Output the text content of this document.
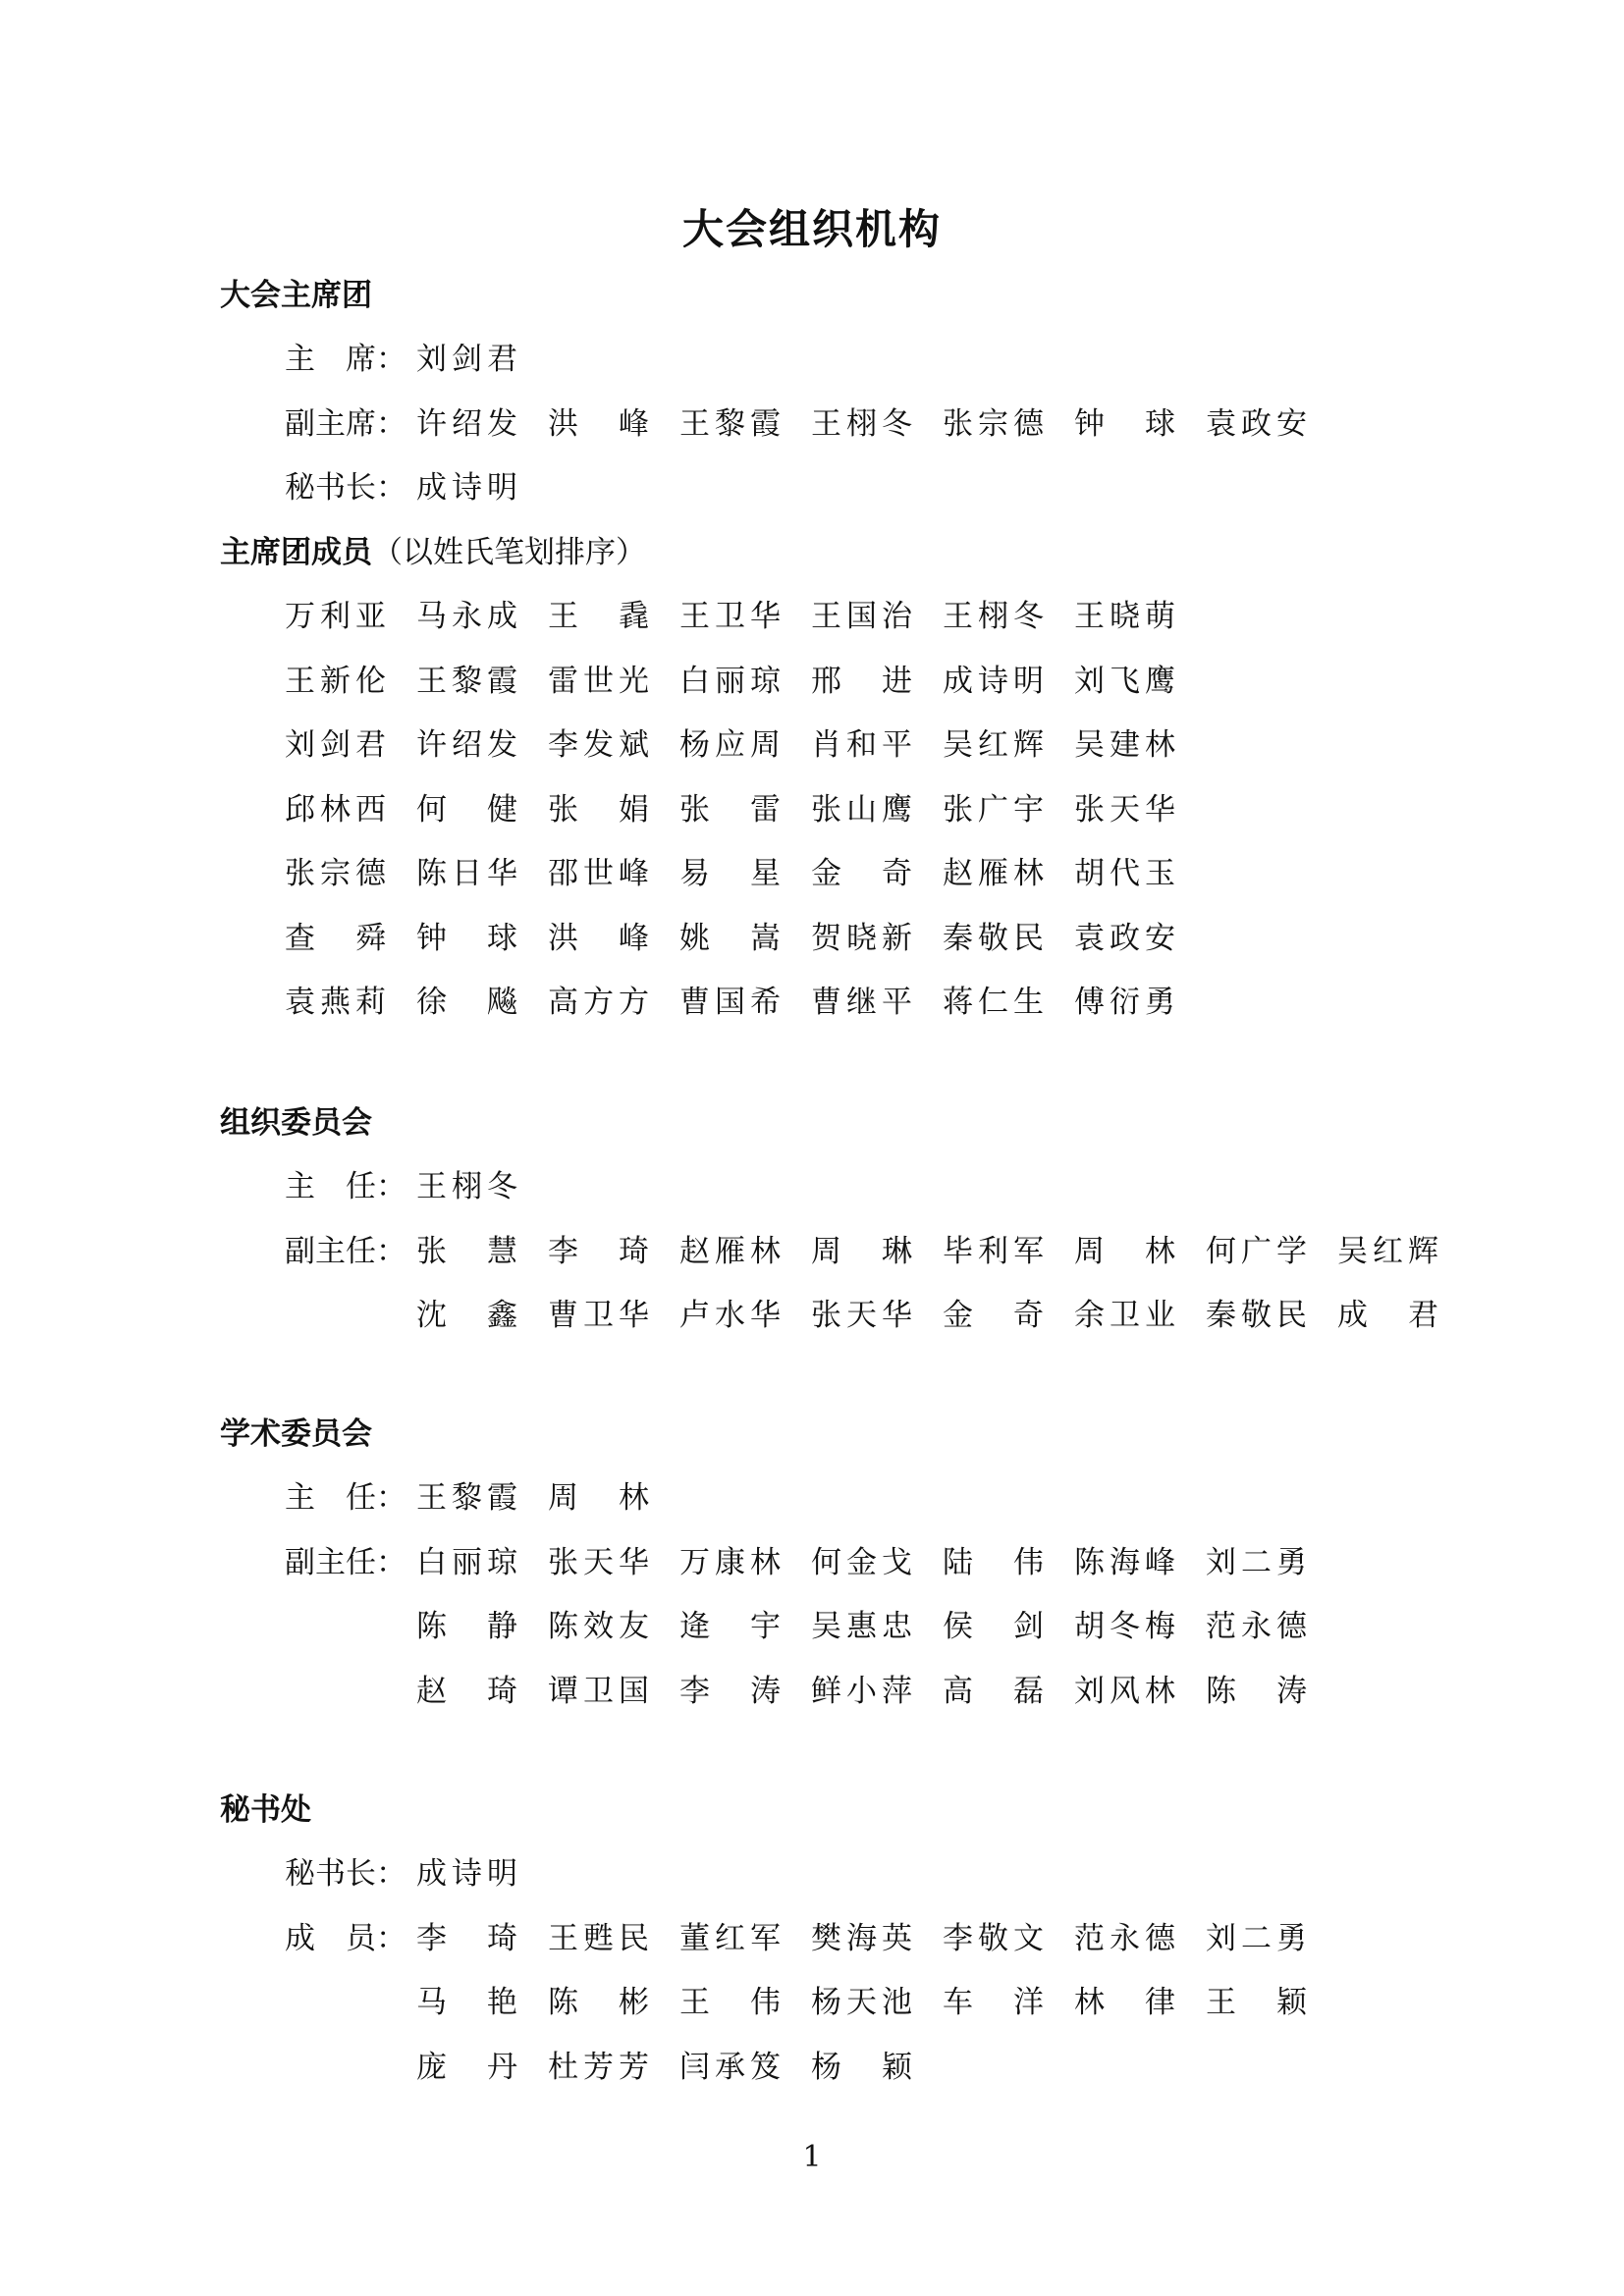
大会组织机构
大会主席团
主　席： 刘剑君
副主席： 许绍发 洪　峰 王黎霞 王栩冬 张宗德 钟　球 袁政安
秘书长： 成诗明
主席团成员（以姓氏笔划排序）
万利亚 马永成 王　毳 王卫华 王国治 王栩冬 王晓萌
王新伦 王黎霞 雷世光 白丽琼 邢　进 成诗明 刘飞鹰
刘剑君 许绍发 李发斌 杨应周 肖和平 吴红辉 吴建林
邱林西 何　健 张　娟 张　雷 张山鹰 张广宇 张天华
张宗德 陈日华 邵世峰 易　星 金　奇 赵雁林 胡代玉
查　舜 钟　球 洪　峰 姚　嵩 贺晓新 秦敬民 袁政安
袁燕莉 徐　飚 高方方 曹国希 曹继平 蒋仁生 傅衍勇
组织委员会
主　任： 王栩冬
副主任： 张　慧 李　琦 赵雁林 周　琳 毕利军 周　林 何广学 吴红辉
沈　鑫 曹卫华 卢水华 张天华 金　奇 余卫业 秦敬民 成　君
学术委员会
主　任： 王黎霞 周　林
副主任： 白丽琼 张天华 万康林 何金戈 陆　伟 陈海峰 刘二勇
陈　静 陈效友 逄　宇 吴惠忠 侯　剑 胡冬梅 范永德
赵　琦 谭卫国 李　涛 鲜小萍 高　磊 刘风林 陈　涛
秘书处
秘书长： 成诗明
成　员： 李　琦 王甦民 董红军 樊海英 李敬文 范永德 刘二勇
马　艳 陈　彬 王　伟 杨天池 车　洋 林　律 王　颖
庞　丹 杜芳芳 闫承笈 杨　颖
1
